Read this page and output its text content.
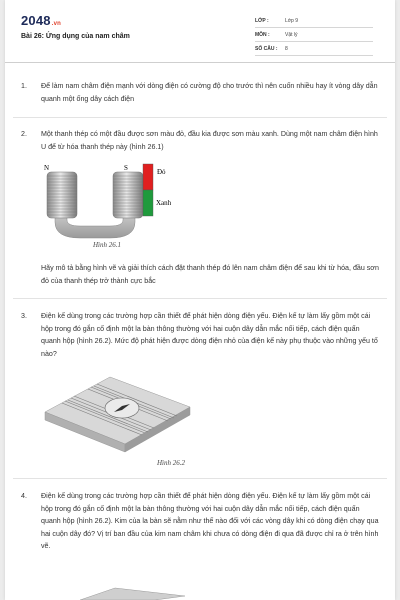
2048.vn
Bài 26: Ứng dụng của nam châm
LỚP :	Lớp 9
MÔN :	Vật lý
SỐ CÂU : 8
1. Để làm nam châm điện mạnh với dòng điện có cường độ cho trước thì nên cuốn nhiều hay ít vòng dây dẫn quanh một ống dây cách điện
2. Một thanh thép có một đầu được sơn màu đỏ, đầu kia được sơn màu xanh. Dùng một nam châm điện hình U để từ hóa thanh thép này (hình 26.1)
N	S	Đỏ
Xanh
Hình 26.1
Hãy mô tả bằng hình vẽ và giải thích cách đặt thanh thép đó lên nam châm điện để sau khi từ hóa, đầu sơn đỏ của thanh thép trở thành cực bắc
3. Điện kế dùng trong các trường hợp cần thiết để phát hiện dòng điện yếu. Điện kế tự làm lấy gồm một cái hộp trong đó gắn cố định một la bàn thông thường với hai cuộn dây dẫn mắc nối tiếp, cách điện quấn quanh hộp (hình 26.2). Mức độ phát hiện được dòng điện nhỏ của điện kế này phụ thuộc vào những yếu tố nào?
Hình 26.2
4. Điện kế dùng trong các trường hợp cần thiết để phát hiện dòng điện yếu. Điện kế tự làm lấy gồm một cái hộp trong đó gắn cố định một la bàn thông thường với hai cuộn dây dẫn mắc nối tiếp, cách điện quấn quanh hộp (hình 26.2). Kim của la bàn sẽ nằm như thế nào đối với các vòng dây khi có dòng điện chạy qua hai cuộn dây đó? Vị trí ban đầu của kim nam châm khi chưa có dòng điện đi qua đã được chỉ ra ở trên hình vẽ.
